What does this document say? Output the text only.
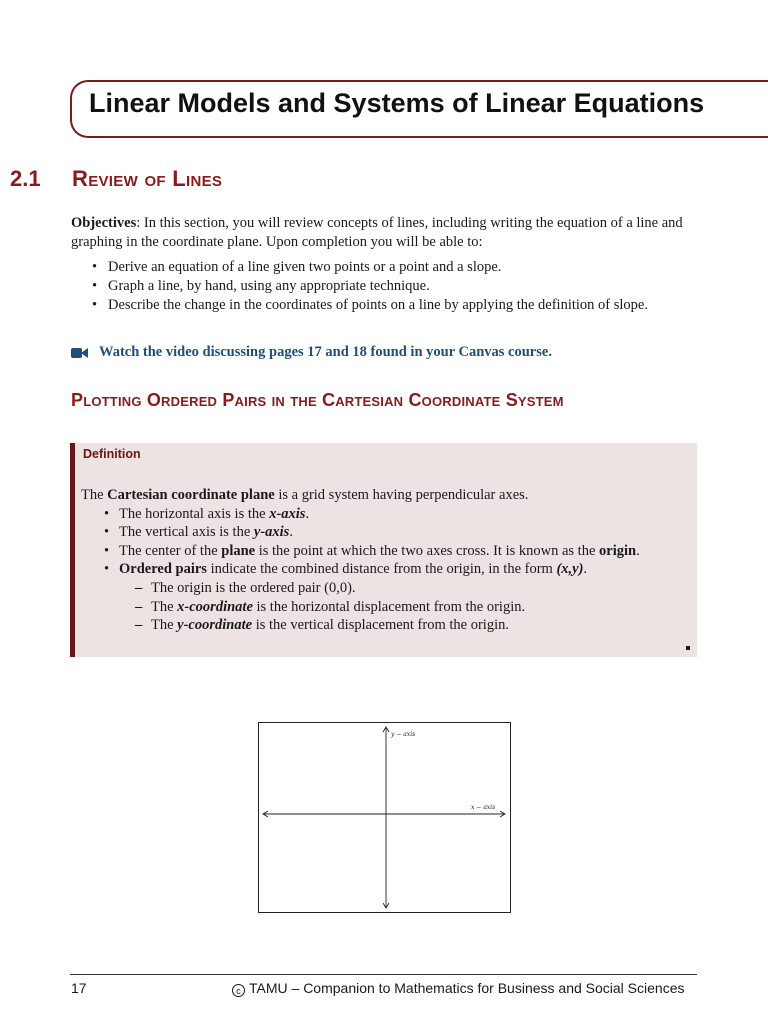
Linear Models and Systems of Linear Equations
2.1 Review of Lines
Objectives: In this section, you will review concepts of lines, including writing the equation of a line and graphing in the coordinate plane. Upon completion you will be able to:
• Derive an equation of a line given two points or a point and a slope.
• Graph a line, by hand, using any appropriate technique.
• Describe the change in the coordinates of points on a line by applying the definition of slope.
Watch the video discussing pages 17 and 18 found in your Canvas course.
Plotting Ordered Pairs in the Cartesian Coordinate System
Definition
The Cartesian coordinate plane is a grid system having perpendicular axes.
• The horizontal axis is the x-axis.
• The vertical axis is the y-axis.
• The center of the plane is the point at which the two axes cross. It is known as the origin.
• Ordered pairs indicate the combined distance from the origin, in the form (x,y).
– The origin is the ordered pair (0,0).
– The x-coordinate is the horizontal displacement from the origin.
– The y-coordinate is the vertical displacement from the origin.
x − axis
y − axis
17	c TAMU – Companion to Mathematics for Business and Social Sciences
